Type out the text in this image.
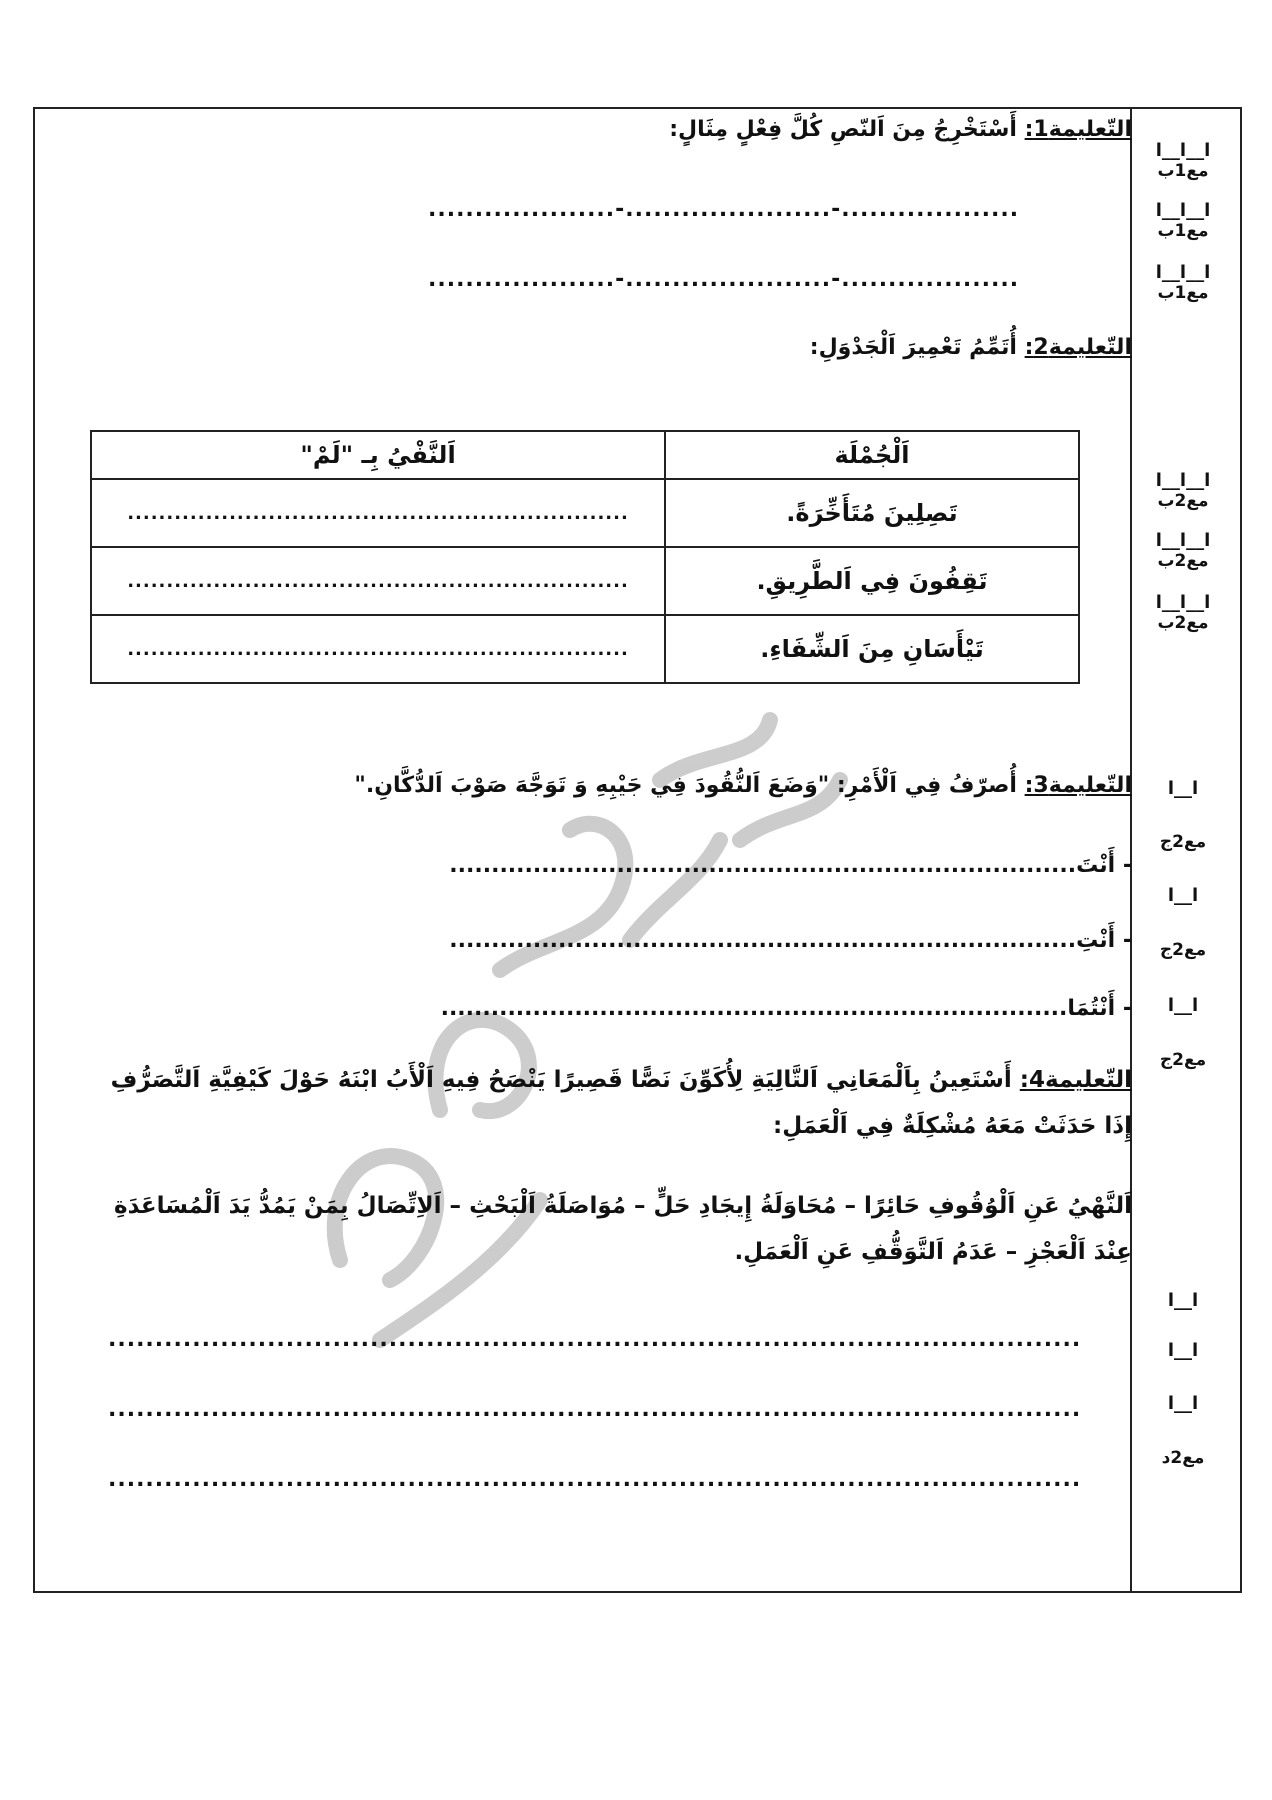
التّعليمة1: أَسْتَخْرِجُ مِنَ اَلنّصِ كُلَّ فِعْلٍ مِثَالٍ:
....................-......................-...................
....................-......................-...................
التّعليمة2: أُتَمِّمُ تَعْمِيرَ اَلْجَدْوَلِ:
اَلنَّفْيُ بِـ "لَمْ"	اَلْجُمْلَة
................................................................	تَصِلِينَ مُتَأَخِّرَةً.
................................................................	تَقِفُونَ فِي اَلطَّرِيقِ.
................................................................	تَيْأَسَانِ مِنَ اَلشِّفَاءِ.
التّعليمة3: أُصرّفُ فِي اَلْأَمْرِ: "وَضَعَ اَلنُّقُودَ فِي جَيْبِهِ وَ تَوَجَّهَ صَوْبَ اَلدُّكَّانِ."
- أَنْتَ...........................................................................
- أَنْتِ...........................................................................
- أَنْتُمَا...........................................................................
التّعليمة4: أَسْتَعِينُ بِاَلْمَعَانِي اَلتَّالِيَةِ لِأُكَوِّنَ نَصًّا قَصِيرًا يَنْصَحُ فِيهِ اَلْأَبُ ابْنَهُ حَوْلَ كَيْفِيَّةِ اَلتَّصَرُّفِ إِذَا حَدَثَتْ مَعَهُ مُشْكِلَةٌ فِي اَلْعَمَلِ:
اَلنَّهْيُ عَنِ اَلْوُقُوفِ حَائِرًا – مُحَاوَلَةُ إِيجَادِ حَلٍّ – مُوَاصَلَةُ اَلْبَحْثِ – اَلاِتِّصَالُ بِمَنْ يَمُدُّ يَدَ اَلْمُسَاعَدَةِ عِنْدَ اَلْعَجْزِ – عَدَمُ اَلتَّوَقُّفِ عَنِ اَلْعَمَلِ.
........................................................................................................
........................................................................................................
........................................................................................................
ا__ا__ا
مع1ب
ا__ا__ا
مع1ب
ا__ا__ا
مع1ب
ا__ا__ا
مع2ب
ا__ا__ا
مع2ب
ا__ا__ا
مع2ب
ا__ا
مع2ج
ا__ا
مع2ج
ا__ا
مع2ج
ا__ا
ا__ا
ا__ا
مع2د
